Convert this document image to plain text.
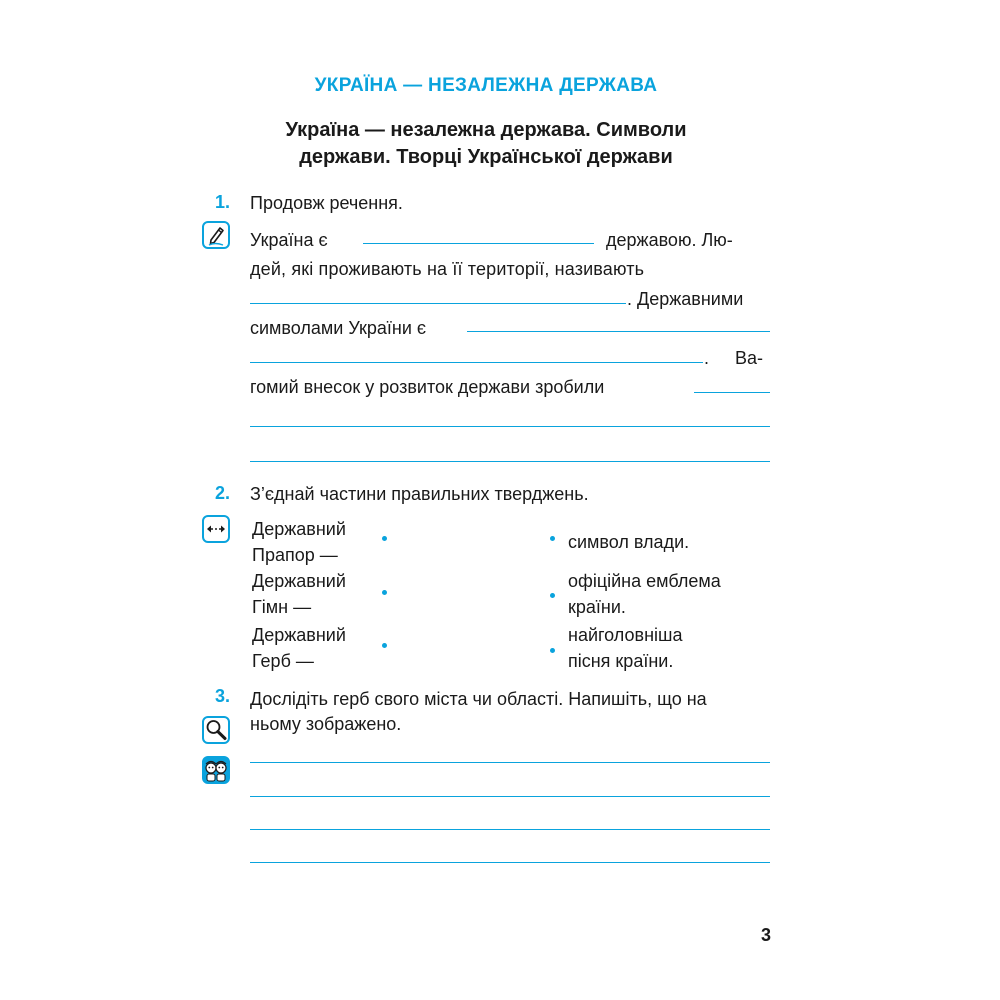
УКРАЇНА — НЕЗАЛЕЖНА ДЕРЖАВА
Україна — незалежна держава. Символи
держави. Творці Української держави
1. Продовж речення.
Україна є	державою. Лю-
дей, які проживають на її території, називають
. Державними
символами України є
. Ва-
гомий внесок у розвиток держави зробили
2. З’єднай частини правильних тверджень.
Державний
Прапор —
Державний
Гімн —
Державний
Герб —
символ влади.
офіційна емблема
країни.
найголовніша
пісня країни.
3. Дослідіть герб свого міста чи області. Напишіть, що на
ньому зображено.
3
